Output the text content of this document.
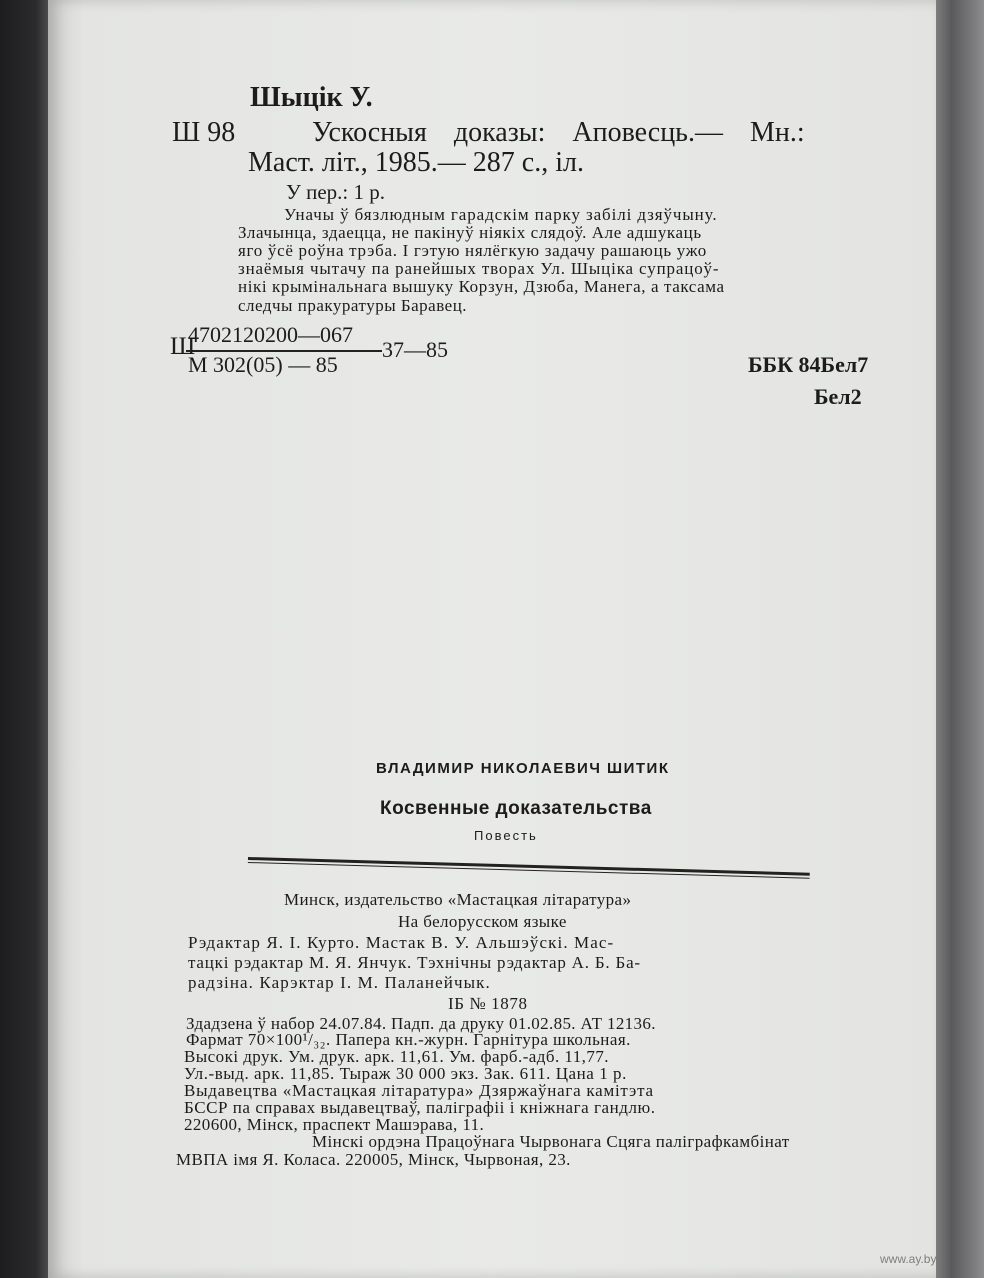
Шыцік У.
Ш 98	Ускосныя доказы: Аповесць.— Мн.:
Маст. літ., 1985.— 287 с., іл.
У пер.: 1 р.
Уначы ў бязлюдным гарадскім парку забілі дзяўчыну.
Злачынца, здаецца, не пакінуў ніякіх слядоў. Але адшукаць
яго ўсё роўна трэба. І гэтую нялёгкую задачу рашаюць ужо
знаёмыя чытачу па ранейшых творах Ул. Шыцiка супрацоў-
нікі крымінальнага вышуку Корзун, Дзюба, Манега, а таксама
следчы пракуратуры Баравец.
Ш
4702120200—067
М 302(05) — 85
37—85
ББК 84Бел7
Бел2
ВЛАДИМИР НИКОЛАЕВИЧ ШИТИК
Косвенные доказательства
Повесть
Минск, издательство «Мастацкая літаратура»
На белорусском языке
Рэдактар Я. І. Курто. Мастак В. У. Альшэўскі. Мас-
тацкі рэдактар М. Я. Янчук. Тэхнічны рэдактар А. Б. Ба-
радзіна. Карэктар І. М. Паланейчык.
ІБ № 1878
Здадзена ў набор 24.07.84. Падп. да друку 01.02.85. АТ 12136.
Фармат 70×100¹/₃₂. Папера кн.-журн. Гарнітура школьная.
Высокі друк. Ум. друк. арк. 11,61. Ум. фарб.-адб. 11,77.
Ул.-выд. арк. 11,85. Тыраж 30 000 экз. Зак. 611. Цана 1 р.
Выдавецтва «Мастацкая літаратура» Дзяржаўнага камітэта
БССР па справах выдавецтваў, паліграфіі і кніжнага гандлю.
220600, Мінск, праспект Машэрава, 11.
Мінскі ордэна Працоўнага Чырвонага Сцяга паліграфкамбінат
МВПА імя Я. Коласа. 220005, Мінск, Чырвоная, 23.
www.ay.by
